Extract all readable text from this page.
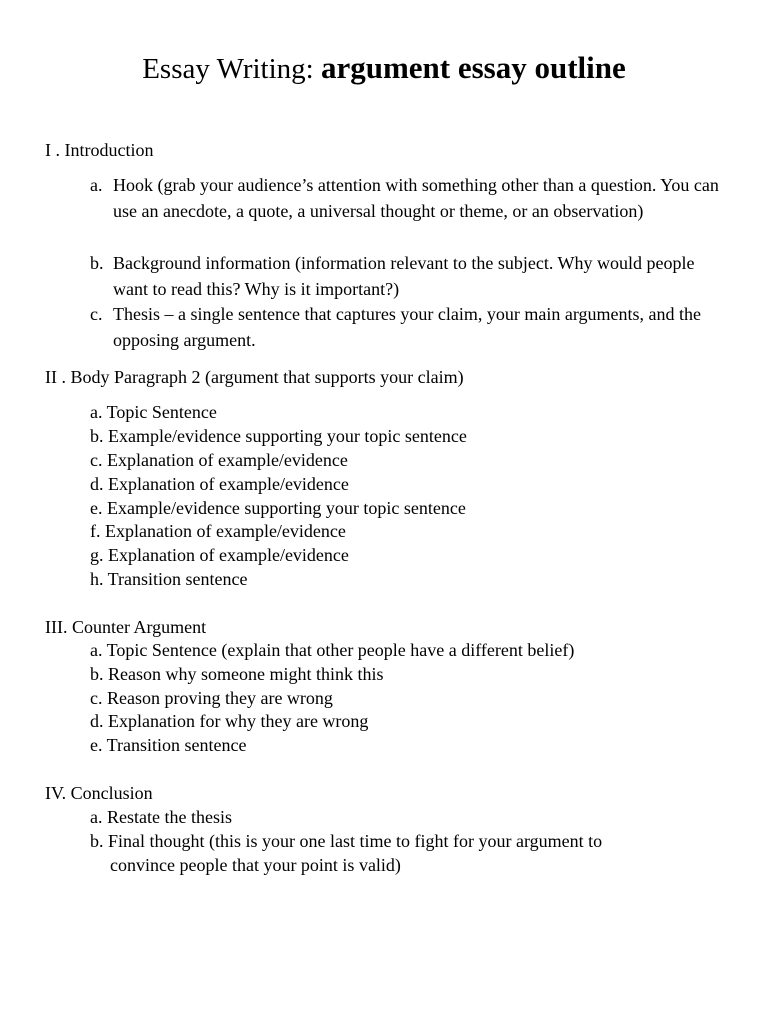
Essay Writing: argument essay outline
I . Introduction
a. Hook (grab your audience’s attention with something other than a question. You can use an anecdote, a quote, a universal thought or theme, or an observation)
b. Background information (information relevant to the subject. Why would people want to read this? Why is it important?)
c. Thesis – a single sentence that captures your claim, your main arguments, and the opposing argument.
II . Body Paragraph 2 (argument that supports your claim)
a. Topic Sentence
b. Example/evidence supporting your topic sentence
c. Explanation of example/evidence
d. Explanation of example/evidence
e. Example/evidence supporting your topic sentence
f. Explanation of example/evidence
g. Explanation of example/evidence
h. Transition sentence
III. Counter Argument
a. Topic Sentence (explain that other people have a different belief)
b. Reason why someone might think this
c. Reason proving they are wrong
d. Explanation for why they are wrong
e. Transition sentence
IV. Conclusion
a. Restate the thesis
b. Final thought (this is your one last time to fight for your argument to
convince people that your point is valid)
